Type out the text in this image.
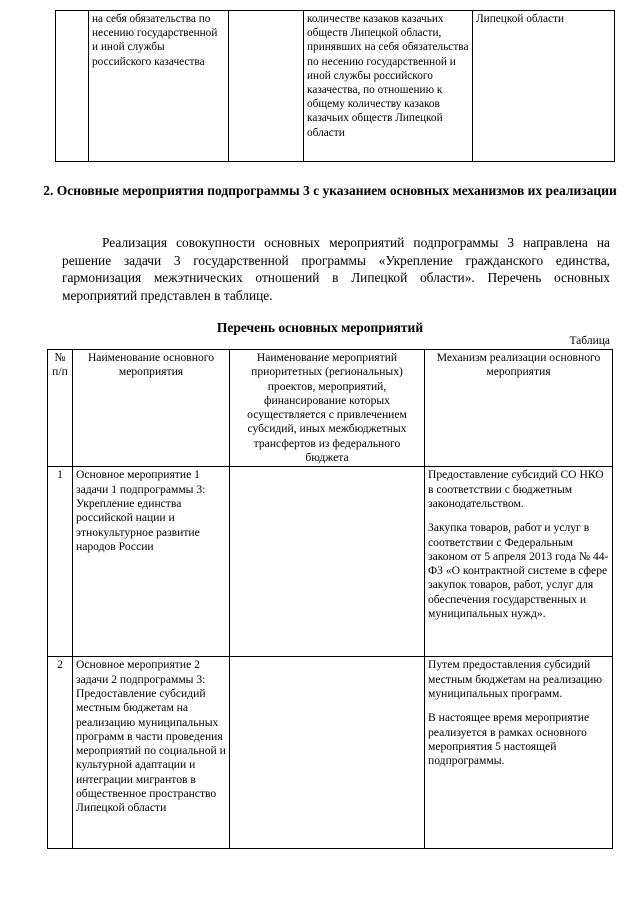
	на себя обязательства по несению государственной и иной службы российского казачества		количестве казаков казачьих обществ Липецкой области, принявших на себя обязательства по несению государственной и иной службы российского казачества, по отношению к общему количеству казаков казачьих обществ Липецкой области	Липецкой области

2. Основные мероприятия подпрограммы 3 с указанием основных механизмов их реализации

Реализация совокупности основных мероприятий подпрограммы 3 направлена на решение задачи 3 государственной программы «Укрепление гражданского единства, гармонизация межэтнических отношений в Липецкой области». Перечень основных мероприятий представлен в таблице.

Перечень основных мероприятий

Таблица
№ п/п	Наименование основного мероприятия	Наименование мероприятий приоритетных (региональных) проектов, мероприятий, финансирование которых осуществляется с привлечением субсидий, иных межбюджетных трансфертов из федерального бюджета	Механизм реализации основного мероприятия
1	Основное мероприятие 1 задачи 1 подпрограммы 3: Укрепление единства российской нации и этнокультурное развитие народов России		Предоставление субсидий СО НКО в соответствии с бюджетным законодательством.

Закупка товаров, работ и услуг в соответствии с Федеральным законом от 5 апреля 2013 года № 44-ФЗ «О контрактной системе в сфере закупок товаров, работ, услуг для обеспечения государственных и муниципальных нужд».

2	Основное мероприятие 2 задачи 2 подпрограммы 3: Предоставление субсидий местным бюджетам на реализацию муниципальных программ в части проведения мероприятий по социальной и культурной адаптации и интеграции мигрантов в общественное пространство Липецкой области		Путем предоставления субсидий местным бюджетам на реализацию муниципальных программ.

В настоящее время мероприятие реализуется в рамках основного мероприятия 5 настоящей подпрограммы.
